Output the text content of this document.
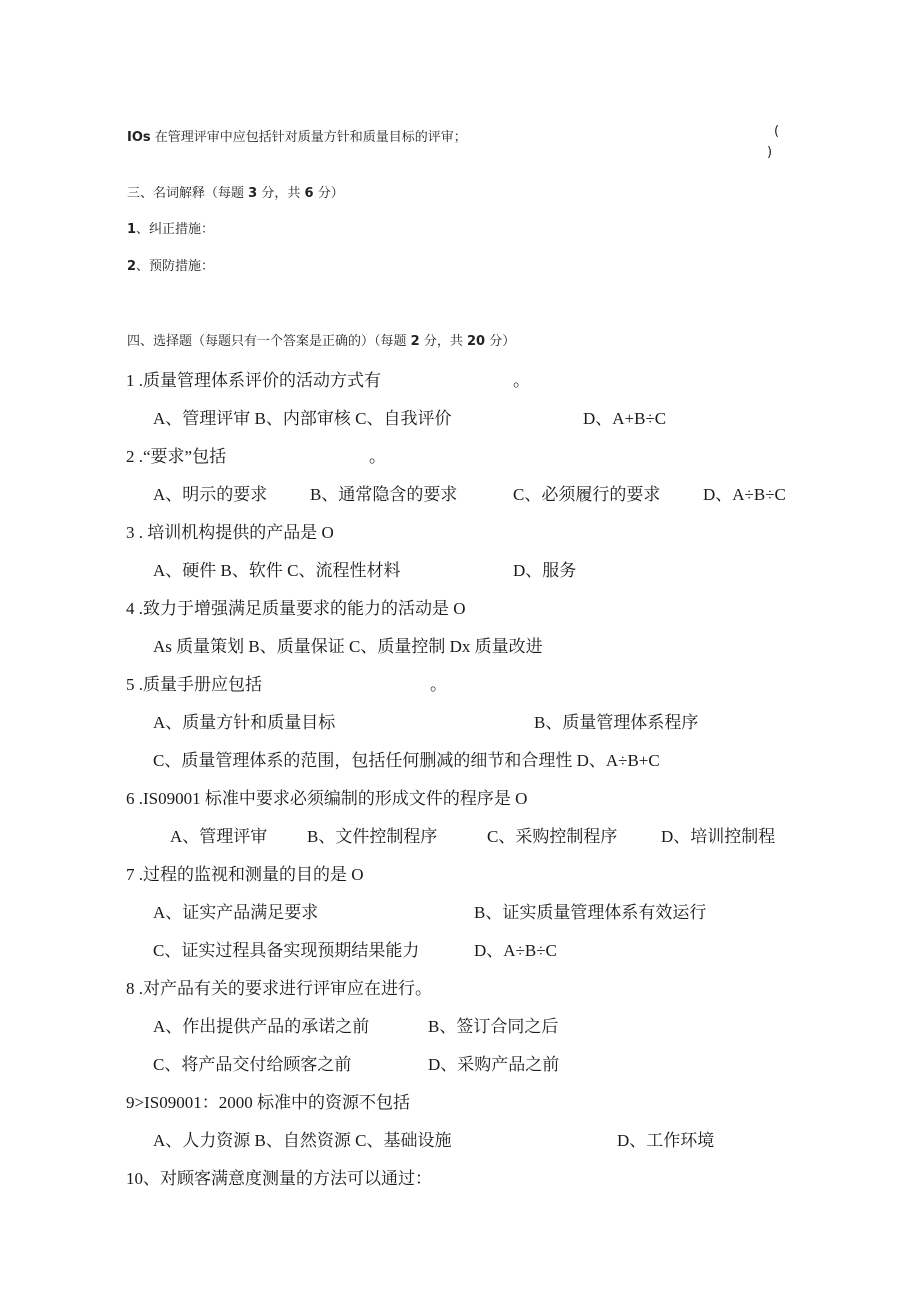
IOs 在管理评审中应包括针对质量方针和质量目标的评审；	(
)
三、名词解释（每题 3 分，共 6 分）
1、纠正措施：
2、预防措施：
四、选择题（每题只有一个答案是正确的）（每题 2 分，共 20 分）
1 .质量管理体系评价的活动方式有	。
A、管理评审 B、内部审核 C、自我评价	D、A+B÷C
2 .“要求”包括	。
A、明示的要求	B、通常隐含的要求	C、必须履行的要求	D、A÷B÷C
3 . 培训机构提供的产品是 O
A、硬件 B、软件 C、流程性材料	D、服务
4 .致力于增强满足质量要求的能力的活动是 O
As 质量策划 B、质量保证 C、质量控制 Dx 质量改进
5 .质量手册应包括	。
A、质量方针和质量目标	B、质量管理体系程序
C、质量管理体系的范围，包括任何删减的细节和合理性 D、A÷B+C
6 .IS09001 标准中要求必须编制的形成文件的程序是 O
A、管理评审 B、文件控制程序	C、采购控制程序	D、培训控制程
7 .过程的监视和测量的目的是 O
A、证实产品满足要求	B、证实质量管理体系有效运行
C、证实过程具备实现预期结果能力	D、A÷B÷C
8 .对产品有关的要求进行评审应在进行。
A、作出提供产品的承诺之前	B、签订合同之后
C、将产品交付给顾客之前	D、采购产品之前
9>IS09001：2000 标准中的资源不包括
A、人力资源 B、自然资源 C、基础设施	D、工作环境
10、对顾客满意度测量的方法可以通过：
